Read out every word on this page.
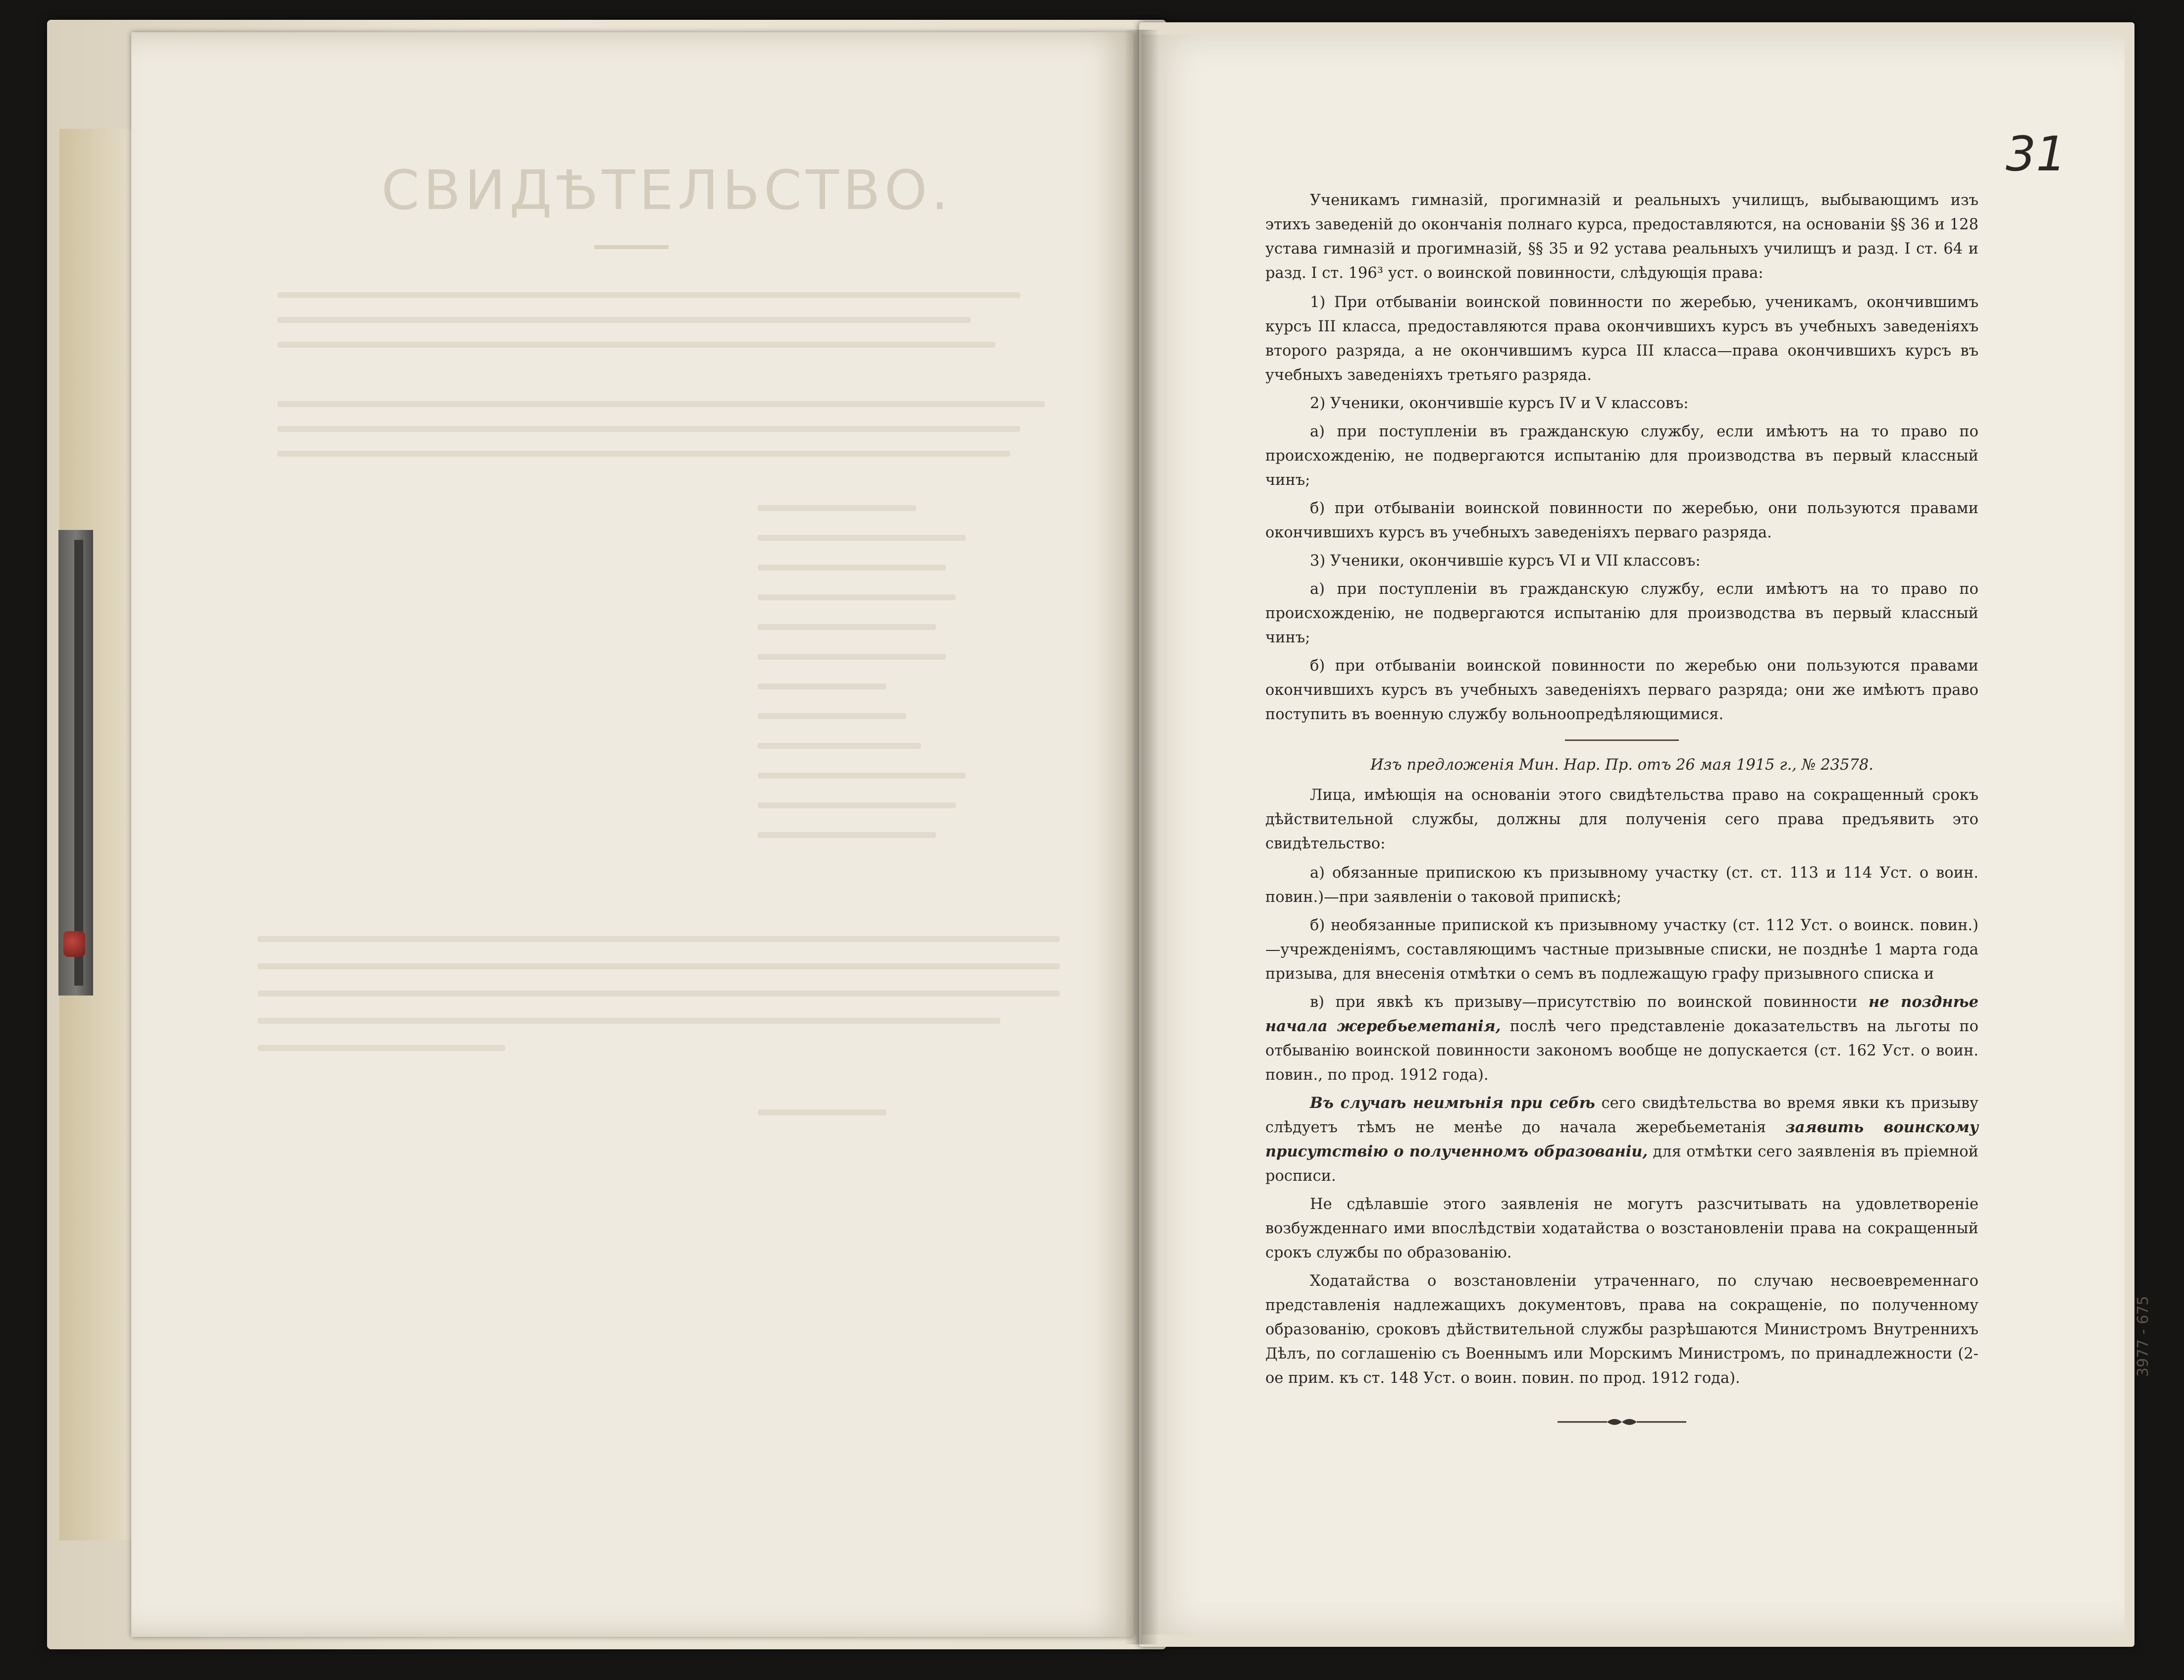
СВИДѢТЕЛЬСТВО.
31
3977 - 675

Ученикамъ гимназій, прогимназій и реальныхъ училищъ, выбывающимъ изъ этихъ заведеній до окончанія полнаго курса, предоставляются, на основаніи §§ 36 и 128 устава гимназій и прогимназій, §§ 35 и 92 устава реальныхъ училищъ и разд. I ст. 64 и разд. I ст. 196³ уст. о воинской повинности, слѣдующія права:

1) При отбываніи воинской повинности по жеребью, ученикамъ, окончившимъ курсъ III класса, предоставляются права окончившихъ курсъ въ учебныхъ заведеніяхъ второго разряда, а не окончившимъ курса III класса—права окончившихъ курсъ въ учебныхъ заведеніяхъ третьяго разряда.

2) Ученики, окончившіе курсъ IV и V классовъ:

а) при поступленіи въ гражданскую службу, если имѣютъ на то право по происхожденію, не подвергаются испытанію для производства въ первый классный чинъ;

б) при отбываніи воинской повинности по жеребью, они пользуются правами окончившихъ курсъ въ учебныхъ заведеніяхъ перваго разряда.

3) Ученики, окончившіе курсъ VI и VII классовъ:

а) при поступленіи въ гражданскую службу, если имѣютъ на то право по происхожденію, не подвергаются испытанію для производства въ первый классный чинъ;

б) при отбываніи воинской повинности по жеребью они пользуются правами окончившихъ курсъ въ учебныхъ заведеніяхъ перваго разряда; они же имѣютъ право поступить въ военную службу вольноопредѣляющимися.

Изъ предложенія Мин. Нар. Пр. отъ 26 мая 1915 г., № 23578.

Лица, имѣющія на основаніи этого свидѣтельства право на сокращенный срокъ дѣйствительной службы, должны для полученія сего права предъявить это свидѣтельство:

а) обязанные припискою къ призывному участку (ст. ст. 113 и 114 Уст. о воин. повин.)—при заявленіи о таковой припискѣ;

б) необязанные припиской къ призывному участку (ст. 112 Уст. о воинск. повин.)—учрежденіямъ, составляющимъ частные призывные списки, не позднѣе 1 марта года призыва, для внесенія отмѣтки о семъ въ подлежащую графу призывного списка и

в) при явкѣ къ призыву—присутствію по воинской повинности не позднѣе начала жеребьеметанія, послѣ чего представленіе доказательствъ на льготы по отбыванію воинской повинности закономъ вообще не допускается (ст. 162 Уст. о воин. повин., по прод. 1912 года).

Въ случаѣ неимѣнія при себѣ сего свидѣтельства во время явки къ призыву слѣдуетъ тѣмъ не менѣе до начала жеребьеметанія заявить воинскому присутствію о полученномъ образованіи, для отмѣтки сего заявленія въ пріемной росписи.

Не сдѣлавшіе этого заявленія не могутъ разсчитывать на удовлетвореніе возбужденнаго ими впослѣдствіи ходатайства о возстановленіи права на сокращенный срокъ службы по образованію.

Ходатайства о возстановленіи утраченнаго, по случаю несвоевременнаго представленія надлежащихъ документовъ, права на сокращеніе, по полученному образованію, сроковъ дѣйствительной службы разрѣшаются Министромъ Внутреннихъ Дѣлъ, по соглашенію съ Военнымъ или Морскимъ Министромъ, по принадлежности (2-ое прим. къ ст. 148 Уст. о воин. повин. по прод. 1912 года).
